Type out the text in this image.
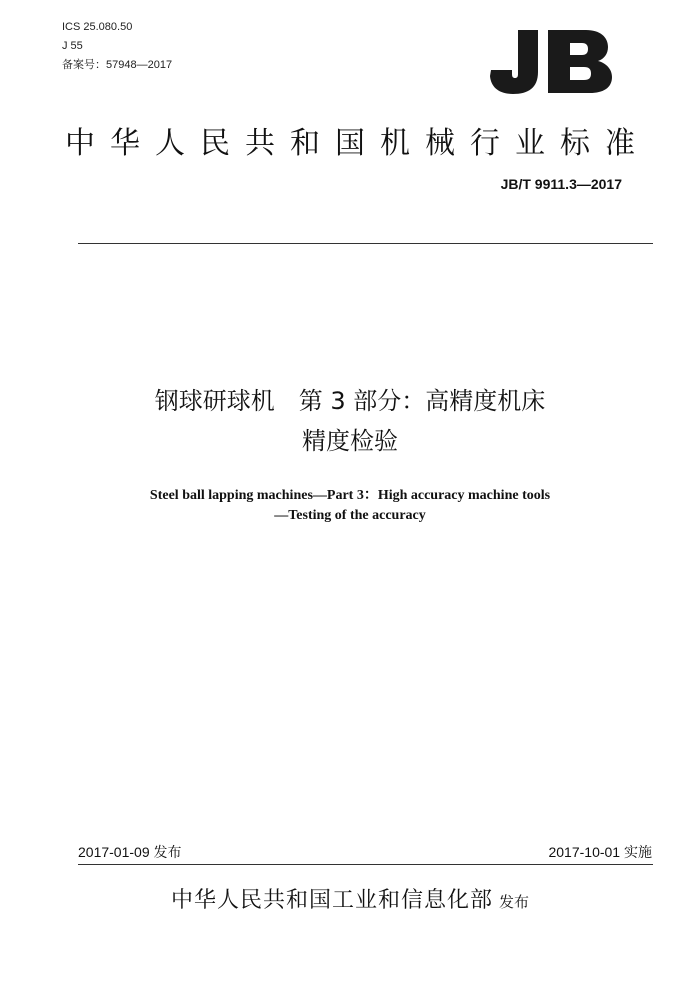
ICS 25.080.50
J 55
备案号：57948—2017
中华人民共和国机械行业标准
JB/T 9911.3—2017
钢球研球机　第 3 部分：高精度机床
精度检验
Steel ball lapping machines—Part 3：High accuracy machine tools
—Testing of the accuracy
2017-01-09 发布	2017-10-01 实施
中华人民共和国工业和信息化部 发布
